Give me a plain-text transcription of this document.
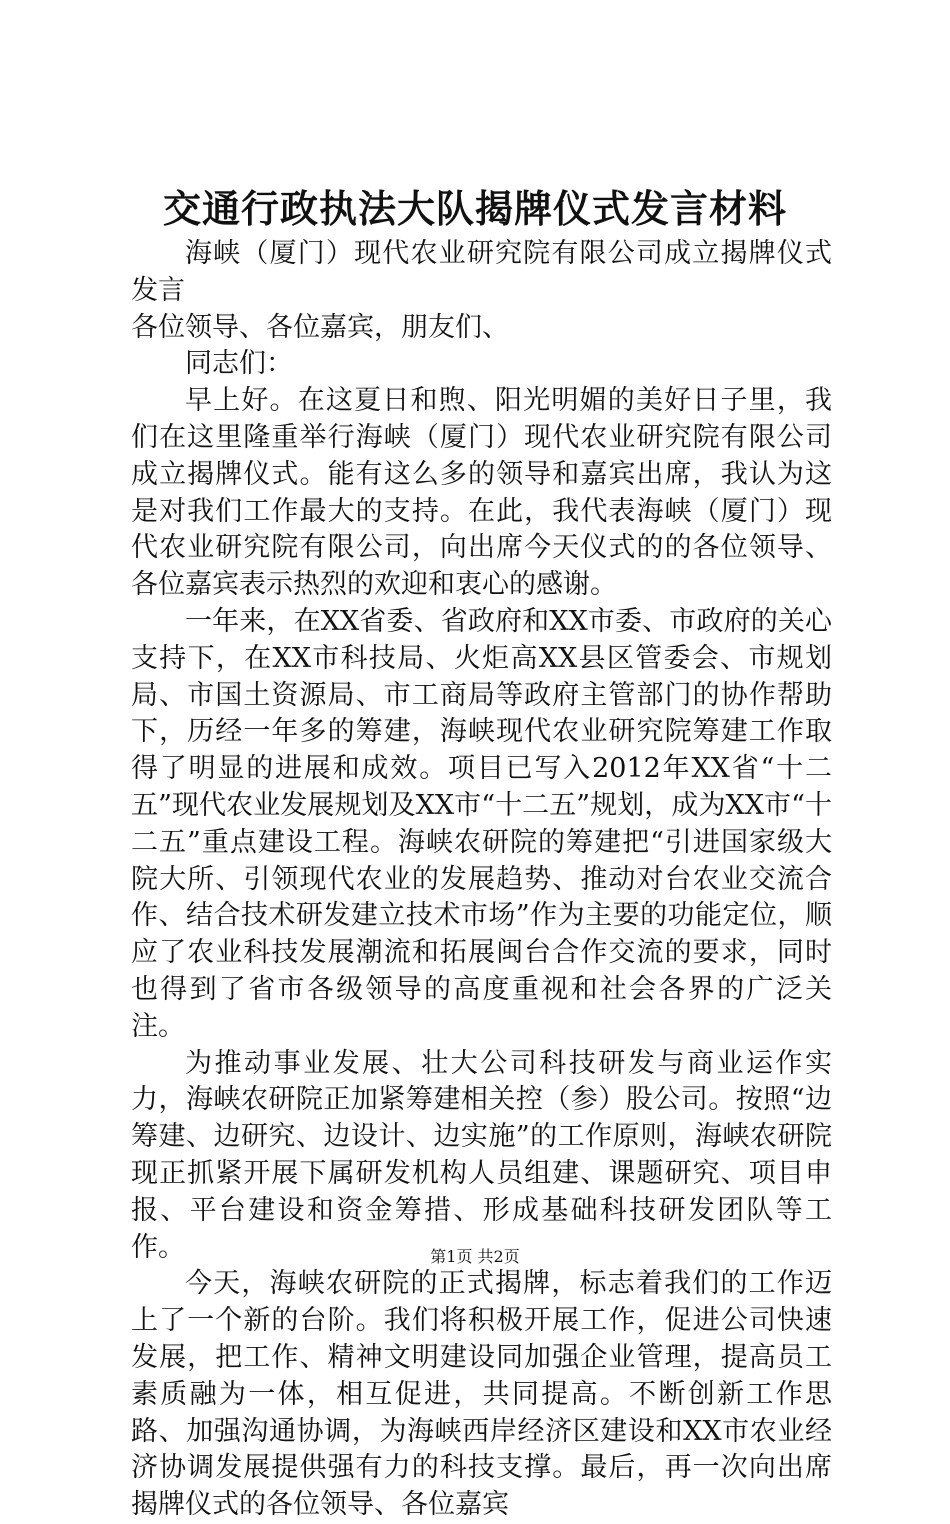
交通行政执法大队揭牌仪式发言材料

海峡（厦门）现代农业研究院有限公司成立揭牌仪式发言

各位领导、各位嘉宾，朋友们、

同志们：

早上好。在这夏日和煦、阳光明媚的美好日子里，我们在这里隆重举行海峡（厦门）现代农业研究院有限公司成立揭牌仪式。能有这么多的领导和嘉宾出席，我认为这是对我们工作最大的支持。在此，我代表海峡（厦门）现代农业研究院有限公司，向出席今天仪式的的各位领导、各位嘉宾表示热烈的欢迎和衷心的感谢。

一年来，在XX省委、省政府和XX市委、市政府的关心支持下，在XX市科技局、火炬高XX县区管委会、市规划局、市国土资源局、市工商局等政府主管部门的协作帮助下，历经一年多的筹建，海峡现代农业研究院筹建工作取得了明显的进展和成效。项目已写入2012年XX省“十二五”现代农业发展规划及XX市“十二五”规划，成为XX市“十二五”重点建设工程。海峡农研院的筹建把“引进国家级大院大所、引领现代农业的发展趋势、推动对台农业交流合作、结合技术研发建立技术市场”作为主要的功能定位，顺应了农业科技发展潮流和拓展闽台合作交流的要求，同时也得到了省市各级领导的高度重视和社会各界的广泛关注。

为推动事业发展、壮大公司科技研发与商业运作实力，海峡农研院正加紧筹建相关控（参）股公司。按照“边筹建、边研究、边设计、边实施”的工作原则，海峡农研院现正抓紧开展下属研发机构人员组建、课题研究、项目申报、平台建设和资金筹措、形成基础科技研发团队等工作。

今天，海峡农研院的正式揭牌，标志着我们的工作迈上了一个新的台阶。我们将积极开展工作，促进公司快速发展，把工作、精神文明建设同加强企业管理，提高员工素质融为一体，相互促进，共同提高。不断创新工作思路、加强沟通协调，为海峡西岸经济区建设和XX市农业经济协调发展提供强有力的科技支撑。最后，再一次向出席揭牌仪式的各位领导、各位嘉宾

第1页 共2页
